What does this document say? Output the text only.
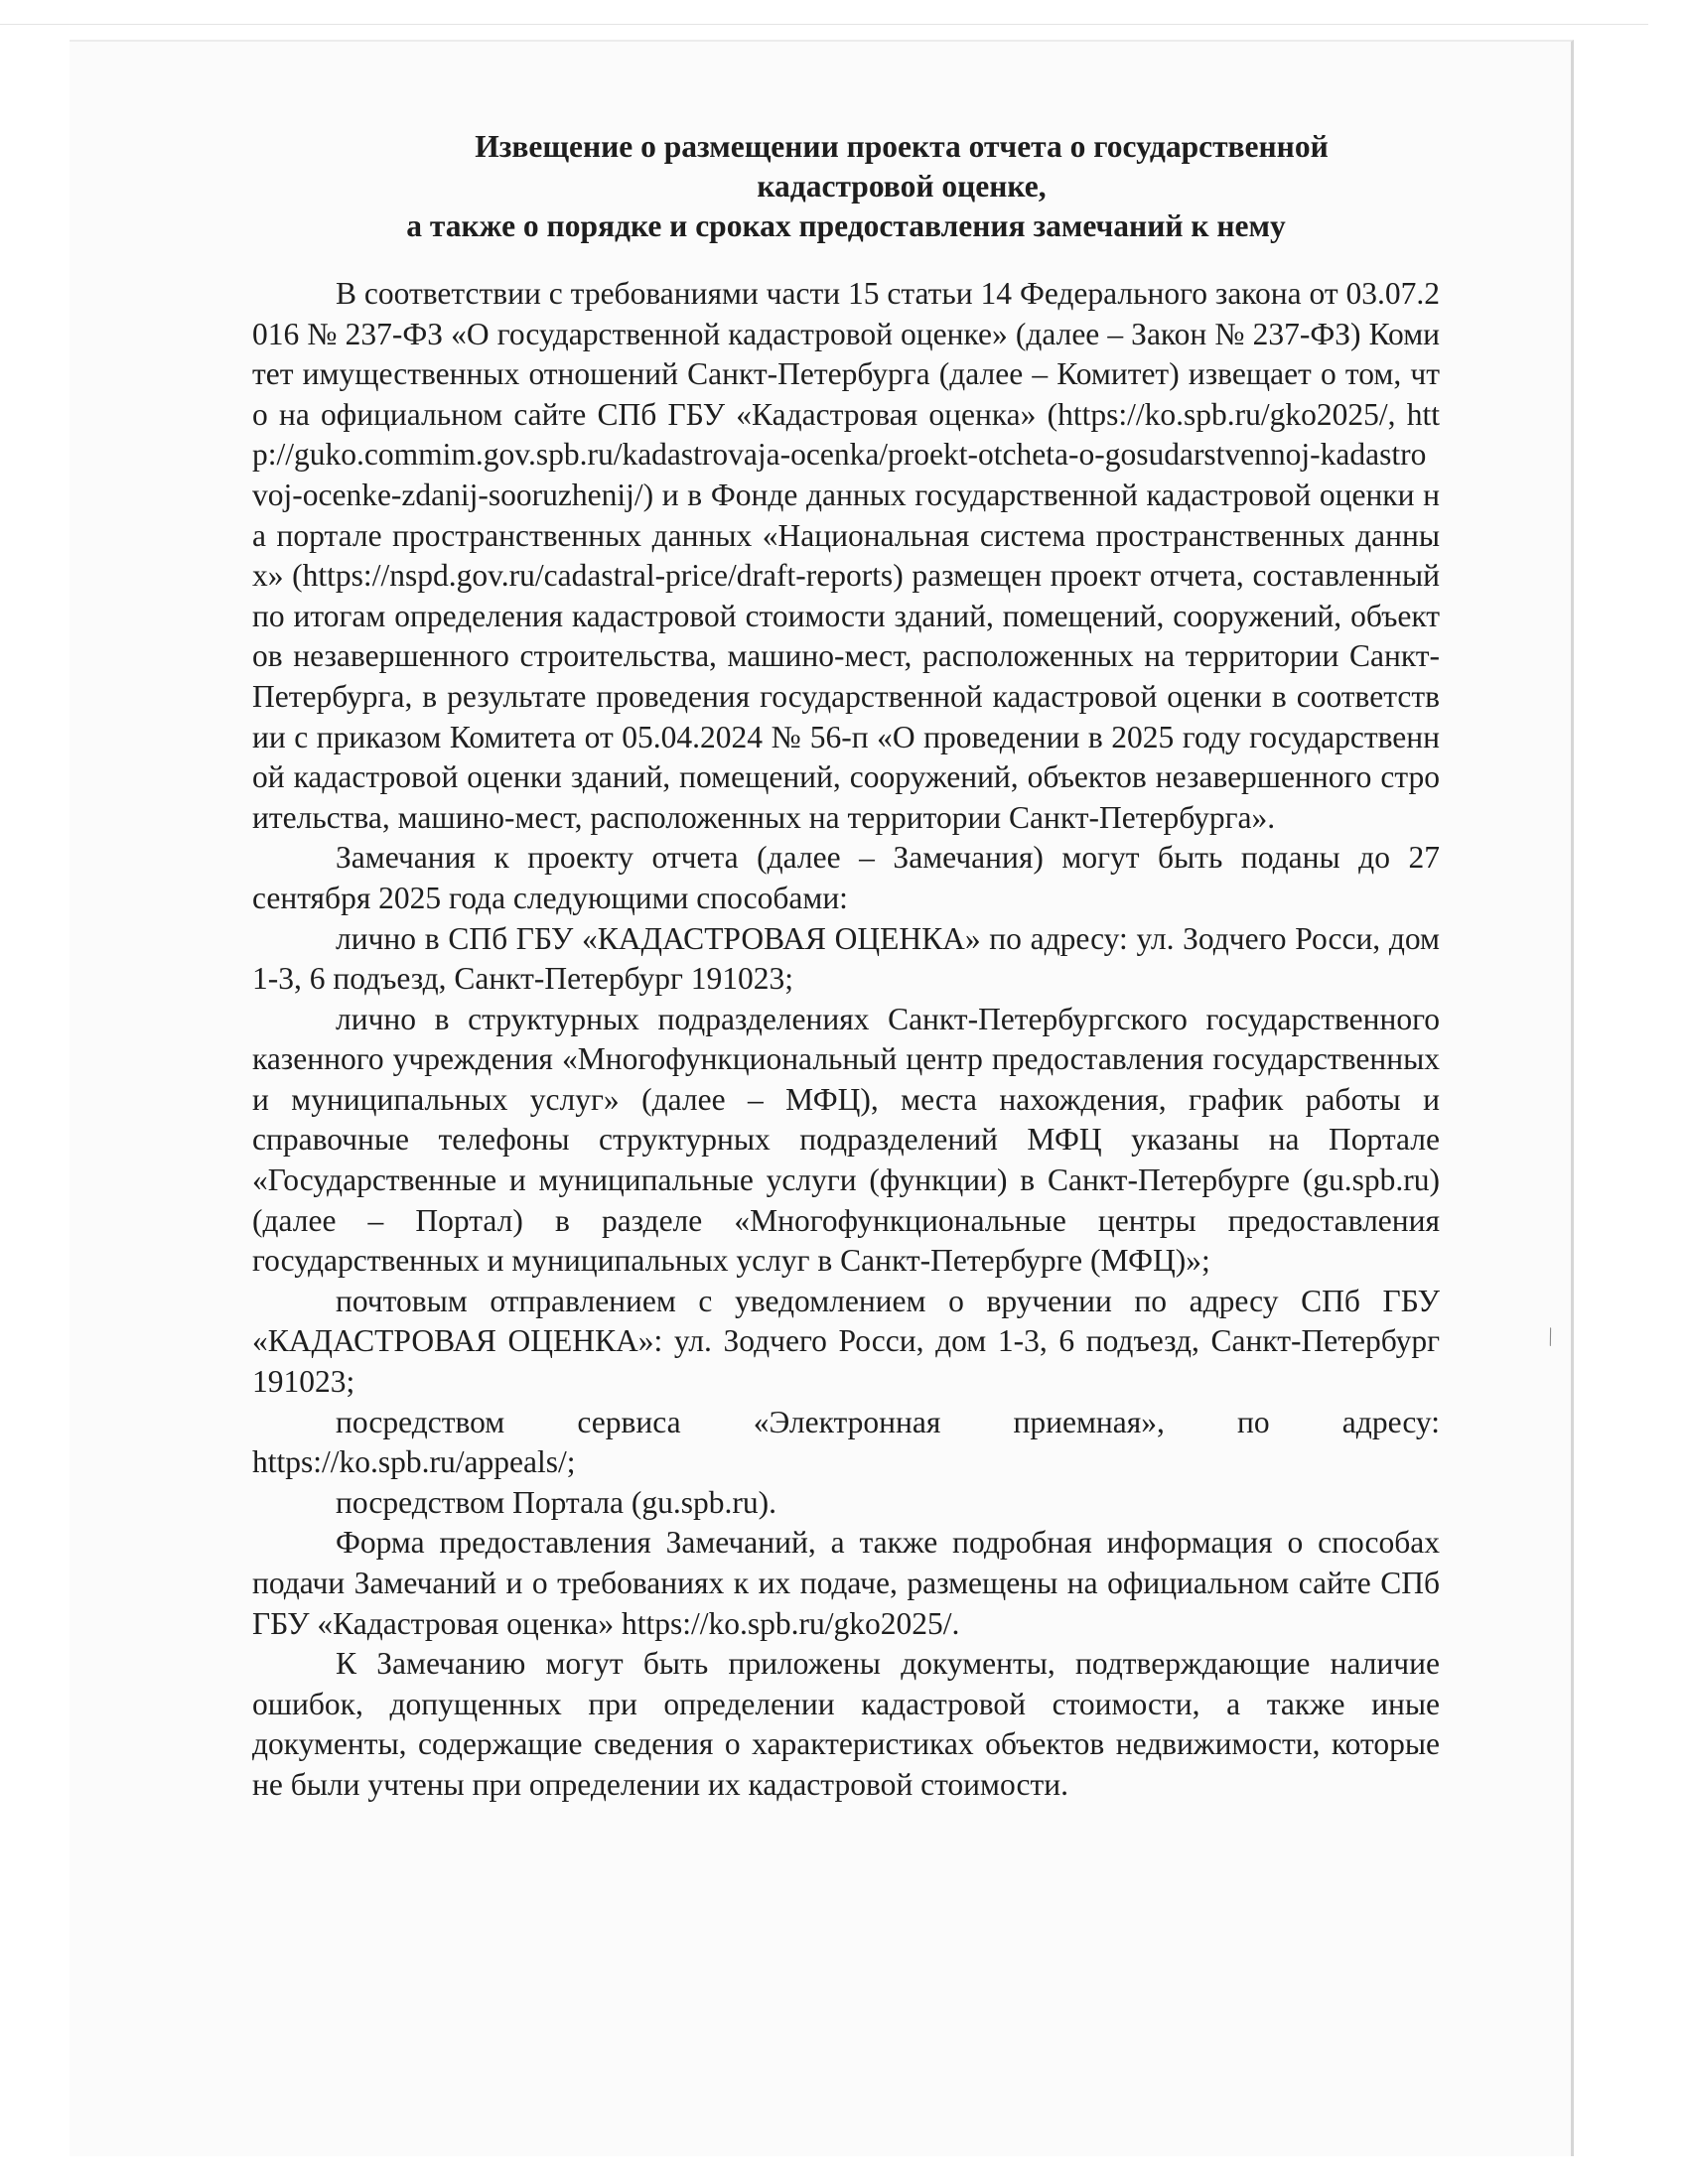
Извещение о размещении проекта отчета о государственной
кадастровой оценке,
а также о порядке и сроках предоставления замечаний к нему

В соответствии с требованиями части 15 статьи 14 Федерального закона от 03.07.2016 № 237-ФЗ «О государственной кадастровой оценке» (далее – Закон № 237-ФЗ) Комитет имущественных отношений Санкт-Петербурга (далее – Комитет) извещает о том, что на официальном сайте СПб ГБУ «Кадастровая оценка» (https://ko.spb.ru/gko2025/, http://guko.commim.gov.spb.ru/kadastrovaja-ocenka/proekt-otcheta-o-gosudarstvennoj-kadastrovoj-ocenke-zdanij-sooruzhenij/) и в Фонде данных государственной кадастровой оценки на портале пространственных данных «Национальная система пространственных данных» (https://nspd.gov.ru/cadastral-price/draft-reports) размещен проект отчета, составленный по итогам определения кадастровой стоимости зданий, помещений, сооружений, объектов незавершенного строительства, машино-мест, расположенных на территории Санкт-Петербурга, в результате проведения государственной кадастровой оценки в соответствии с приказом Комитета от 05.04.2024 № 56-п «О проведении в 2025 году государственной кадастровой оценки зданий, помещений, сооружений, объектов незавершенного строительства, машино-мест, расположенных на территории Санкт-Петербурга».

Замечания к проекту отчета (далее – Замечания) могут быть поданы до 27 сентября 2025 года следующими способами:

лично в СПб ГБУ «КАДАСТРОВАЯ ОЦЕНКА» по адресу: ул. Зодчего Росси, дом 1-3, 6 подъезд, Санкт-Петербург 191023;

лично в структурных подразделениях Санкт-Петербургского государственного казенного учреждения «Многофункциональный центр предоставления государственных и муниципальных услуг» (далее – МФЦ), места нахождения, график работы и справочные телефоны структурных подразделений МФЦ указаны на Портале «Государственные и муниципальные услуги (функции) в Санкт-Петербурге (gu.spb.ru) (далее – Портал) в разделе «Многофункциональные центры предоставления государственных и муниципальных услуг в Санкт-Петербурге (МФЦ)»;

почтовым отправлением с уведомлением о вручении по адресу СПб ГБУ «КАДАСТРОВАЯ ОЦЕНКА»: ул. Зодчего Росси, дом 1-3, 6 подъезд, Санкт-Петербург 191023;

посредством сервиса «Электронная приемная», по адресу: https://ko.spb.ru/appeals/;

посредством Портала (gu.spb.ru).

Форма предоставления Замечаний, а также подробная информация о способах подачи Замечаний и о требованиях к их подаче, размещены на официальном сайте СПб ГБУ «Кадастровая оценка» https://ko.spb.ru/gko2025/.

К Замечанию могут быть приложены документы, подтверждающие наличие ошибок, допущенных при определении кадастровой стоимости, а также иные документы, содержащие сведения о характеристиках объектов недвижимости, которые не были учтены при определении их кадастровой стоимости.

╲
